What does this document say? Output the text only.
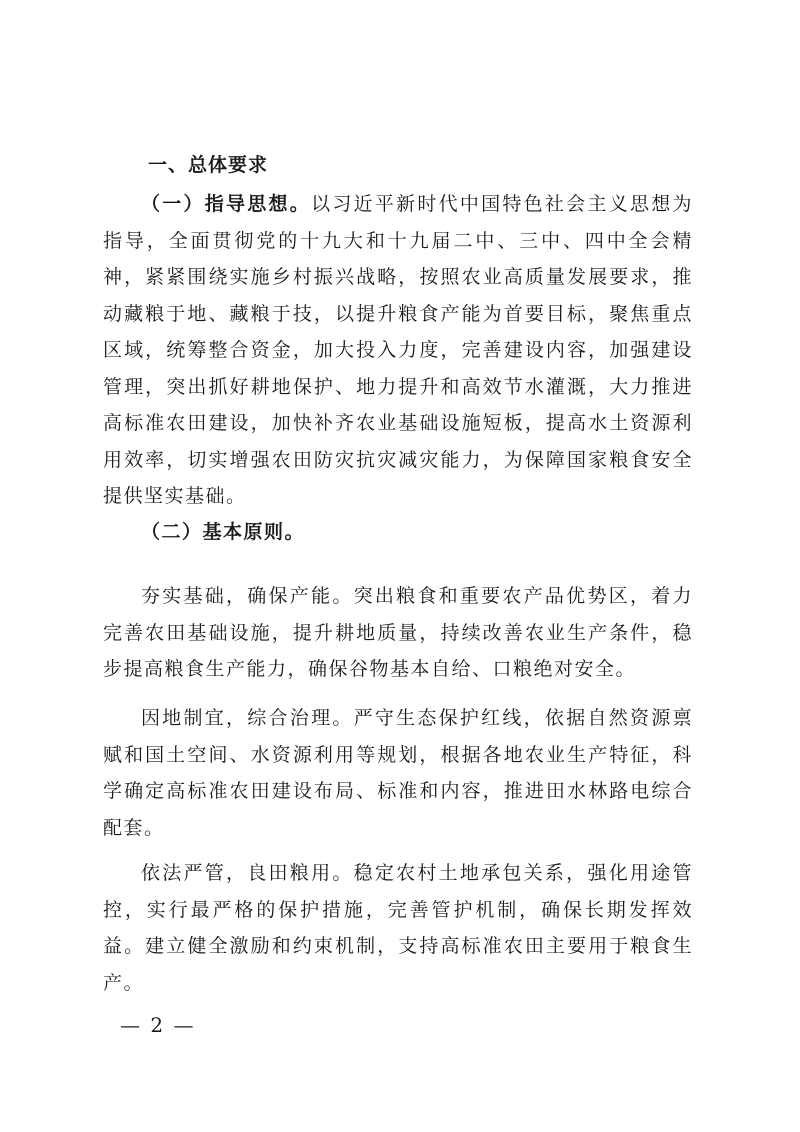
一、总体要求

（一）指导思想。以习近平新时代中国特色社会主义思想为指导，全面贯彻党的十九大和十九届二中、三中、四中全会精神，紧紧围绕实施乡村振兴战略，按照农业高质量发展要求，推动藏粮于地、藏粮于技，以提升粮食产能为首要目标，聚焦重点区域，统筹整合资金，加大投入力度，完善建设内容，加强建设管理，突出抓好耕地保护、地力提升和高效节水灌溉，大力推进高标准农田建设，加快补齐农业基础设施短板，提高水土资源利用效率，切实增强农田防灾抗灾减灾能力，为保障国家粮食安全提供坚实基础。

（二）基本原则。

夯实基础，确保产能。突出粮食和重要农产品优势区，着力完善农田基础设施，提升耕地质量，持续改善农业生产条件，稳步提高粮食生产能力，确保谷物基本自给、口粮绝对安全。

因地制宜，综合治理。严守生态保护红线，依据自然资源禀赋和国土空间、水资源利用等规划，根据各地农业生产特征，科学确定高标准农田建设布局、标准和内容，推进田水林路电综合配套。

依法严管，良田粮用。稳定农村土地承包关系，强化用途管控，实行最严格的保护措施，完善管护机制，确保长期发挥效益。建立健全激励和约束机制，支持高标准农田主要用于粮食生产。

— 2 —
